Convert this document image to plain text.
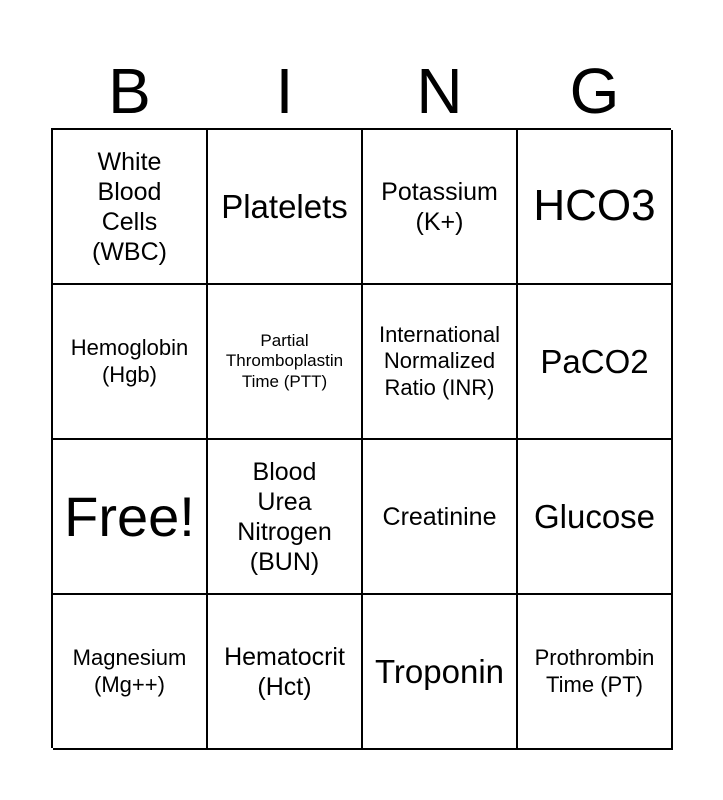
B	I	N	G
White Blood Cells (WBC)
Platelets	Potassium (K+)	HCO3
Hemoglobin (Hgb)
Partial Thromboplastin Time (PTT)
International Normalized Ratio (INR)
PaCO2
Free!
Blood Urea Nitrogen (BUN)
Creatinine Glucose
Magnesium (Mg++)
Hematocrit (Hct)	Troponin	Prothrombin Time (PT)
